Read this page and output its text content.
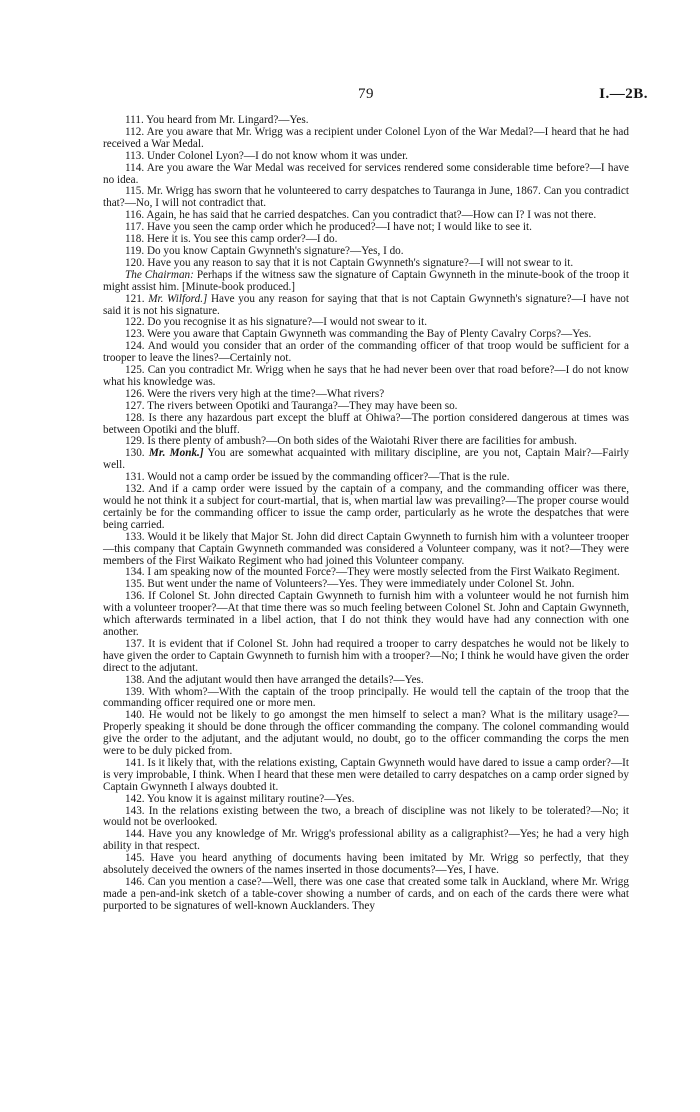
79	I.—2B.

111. You heard from Mr. Lingard?—Yes.

112. Are you aware that Mr. Wrigg was a recipient under Colonel Lyon of the War Medal?—I heard that he had received a War Medal.

113. Under Colonel Lyon?—I do not know whom it was under.

114. Are you aware the War Medal was received for services rendered some considerable time before?—I have no idea.

115. Mr. Wrigg has sworn that he volunteered to carry despatches to Tauranga in June, 1867. Can you contradict that?—No, I will not contradict that.

116. Again, he has said that he carried despatches. Can you contradict that?—How can I? I was not there.

117. Have you seen the camp order which he produced?—I have not; I would like to see it.

118. Here it is. You see this camp order?—I do.

119. Do you know Captain Gwynneth's signature?—Yes, I do.

120. Have you any reason to say that it is not Captain Gwynneth's signature?—I will not swear to it.

The Chairman: Perhaps if the witness saw the signature of Captain Gwynneth in the minute-book of the troop it might assist him. [Minute-book produced.]

121. Mr. Wilford.] Have you any reason for saying that that is not Captain Gwynneth's signature?—I have not said it is not his signature.

122. Do you recognise it as his signature?—I would not swear to it.

123. Were you aware that Captain Gwynneth was commanding the Bay of Plenty Cavalry Corps?—Yes.

124. And would you consider that an order of the commanding officer of that troop would be sufficient for a trooper to leave the lines?—Certainly not.

125. Can you contradict Mr. Wrigg when he says that he had never been over that road before?—I do not know what his knowledge was.

126. Were the rivers very high at the time?—What rivers?

127. The rivers between Opotiki and Tauranga?—They may have been so.

128. Is there any hazardous part except the bluff at Ohiwa?—The portion considered dangerous at times was between Opotiki and the bluff.

129. Is there plenty of ambush?—On both sides of the Waiotahi River there are facilities for ambush.

130. Mr. Monk.] You are somewhat acquainted with military discipline, are you not, Captain Mair?—Fairly well.

131. Would not a camp order be issued by the commanding officer?—That is the rule.

132. And if a camp order were issued by the captain of a company, and the commanding officer was there, would he not think it a subject for court-martial, that is, when martial law was prevailing?—The proper course would certainly be for the commanding officer to issue the camp order, particularly as he wrote the despatches that were being carried.

133. Would it be likely that Major St. John did direct Captain Gwynneth to furnish him with a volunteer trooper—this company that Captain Gwynneth commanded was considered a Volunteer company, was it not?—They were members of the First Waikato Regiment who had joined this Volunteer company.

134. I am speaking now of the mounted Force?—They were mostly selected from the First Waikato Regiment.

135. But went under the name of Volunteers?—Yes. They were immediately under Colonel St. John.

136. If Colonel St. John directed Captain Gwynneth to furnish him with a volunteer would he not furnish him with a volunteer trooper?—At that time there was so much feeling between Colonel St. John and Captain Gwynneth, which afterwards terminated in a libel action, that I do not think they would have had any connection with one another.

137. It is evident that if Colonel St. John had required a trooper to carry despatches he would not be likely to have given the order to Captain Gwynneth to furnish him with a trooper?—No; I think he would have given the order direct to the adjutant.

138. And the adjutant would then have arranged the details?—Yes.

139. With whom?—With the captain of the troop principally. He would tell the captain of the troop that the commanding officer required one or more men.

140. He would not be likely to go amongst the men himself to select a man? What is the military usage?—Properly speaking it should be done through the officer commanding the company. The colonel commanding would give the order to the adjutant, and the adjutant would, no doubt, go to the officer commanding the corps the men were to be duly picked from.

141. Is it likely that, with the relations existing, Captain Gwynneth would have dared to issue a camp order?—It is very improbable, I think. When I heard that these men were detailed to carry despatches on a camp order signed by Captain Gwynneth I always doubted it.

142. You know it is against military routine?—Yes.

143. In the relations existing between the two, a breach of discipline was not likely to be tolerated?—No; it would not be overlooked.

144. Have you any knowledge of Mr. Wrigg's professional ability as a caligraphist?—Yes; he had a very high ability in that respect.

145. Have you heard anything of documents having been imitated by Mr. Wrigg so perfectly, that they absolutely deceived the owners of the names inserted in those documents?—Yes, I have.

146. Can you mention a case?—Well, there was one case that created some talk in Auckland, where Mr. Wrigg made a pen-and-ink sketch of a table-cover showing a number of cards, and on each of the cards there were what purported to be signatures of well-known Aucklanders. They
